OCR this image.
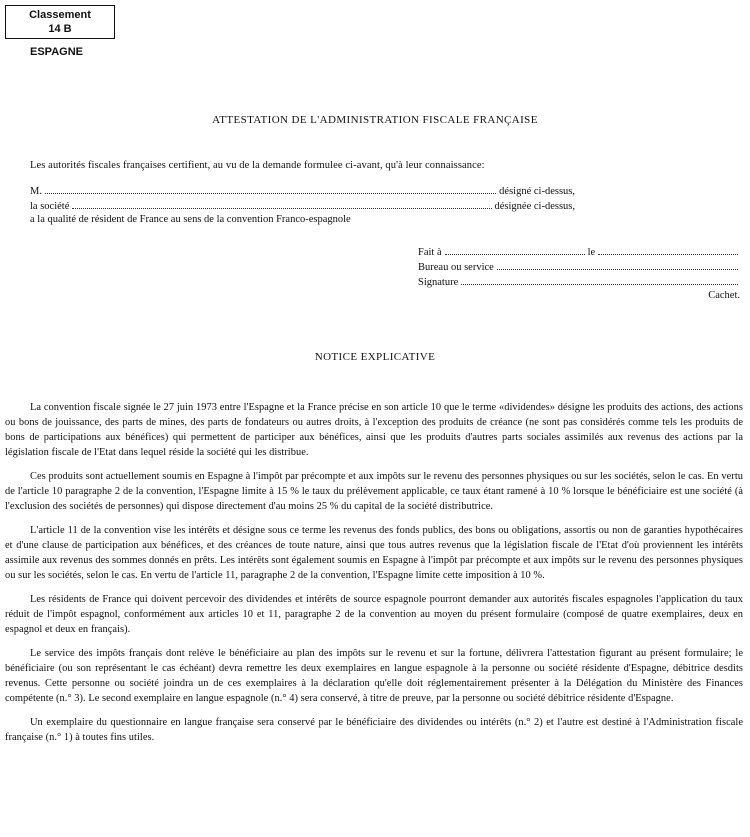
Classement
14 B
ESPAGNE
ATTESTATION DE L'ADMINISTRATION FISCALE FRANÇAISE
Les autorités fiscales françaises certifient, au vu de la demande formulee ci-avant, qu'à leur connaissance:
M.	désigné ci-dessus,
la société	désignée ci-dessus,
a la qualité de résident de France au sens de la convention Franco-espagnole
Fait à	le
Bureau ou service
Signature
Cachet.
NOTICE EXPLICATIVE

La convention fiscale signée le 27 juin 1973 entre l'Espagne et la France précise en son article 10 que le terme «dividendes» désigne les produits des actions, des actions ou bons de jouissance, des parts de mines, des parts de fondateurs ou autres droits, à l'exception des produits de créance (ne sont pas considérés comme tels les produits de bons de participations aux bénéfices) qui permettent de participer aux bénéfices, ainsi que les produits d'autres parts sociales assimilés aux revenus des actions par la législation fiscale de l'Etat dans lequel réside la société qui les distribue.

Ces produits sont actuellement soumis en Espagne à l'impôt par précompte et aux impôts sur le revenu des personnes physiques ou sur les sociétés, selon le cas. En vertu de l'article 10 paragraphe 2 de la convention, l'Espagne limite à 15 % le taux du prélèvement applicable, ce taux étant ramené à 10 % lorsque le bénéficiaire est une société (à l'exclusion des sociétés de personnes) qui dispose directement d'au moins 25 % du capital de la société distributrice.

L'article 11 de la convention vise les intérêts et désigne sous ce terme les revenus des fonds publics, des bons ou obligations, assortis ou non de garanties hypothécaires et d'une clause de participation aux bénéfices, et des créances de toute nature, ainsi que tous autres revenus que la législation fiscale de l'Etat d'où proviennent les intérêts assimile aux revenus des sommes donnés en prêts. Les intérêts sont également soumis en Espagne à l'impôt par précompte et aux impôts sur le revenu des personnes physiques ou sur les sociétés, selon le cas. En vertu de l'article 11, paragraphe 2 de la convention, l'Espagne limite cette imposition à 10 %.

Les résidents de France qui doivent percevoir des dividendes et intérêts de source espagnole pourront demander aux autorités fiscales espagnoles l'application du taux réduit de l'impôt espagnol, conformément aux articles 10 et 11, paragraphe 2 de la convention au moyen du présent formulaire (composé de quatre exemplaires, deux en espagnol et deux en français).

Le service des impôts français dont relève le bénéficiaire au plan des impôts sur le revenu et sur la fortune, délivrera l'attestation figurant au présent formulaire; le bénéficiaire (ou son représentant le cas échéant) devra remettre les deux exemplaires en langue espagnole à la personne ou société résidente d'Espagne, débitrice desdits revenus. Cette personne ou société joindra un de ces exemplaires à la déclaration qu'elle doit réglementairement présenter à la Délégation du Ministère des Finances compétente (n.° 3). Le second exemplaire en langue espagnole (n.° 4) sera conservé, à titre de preuve, par la personne ou société débitrice résidente d'Espagne.

Un exemplaire du questionnaire en langue française sera conservé par le bénéficiaire des dividendes ou intérêts (n.° 2) et l'autre est destiné à l'Administration fiscale française (n.° 1) à toutes fins utiles.
